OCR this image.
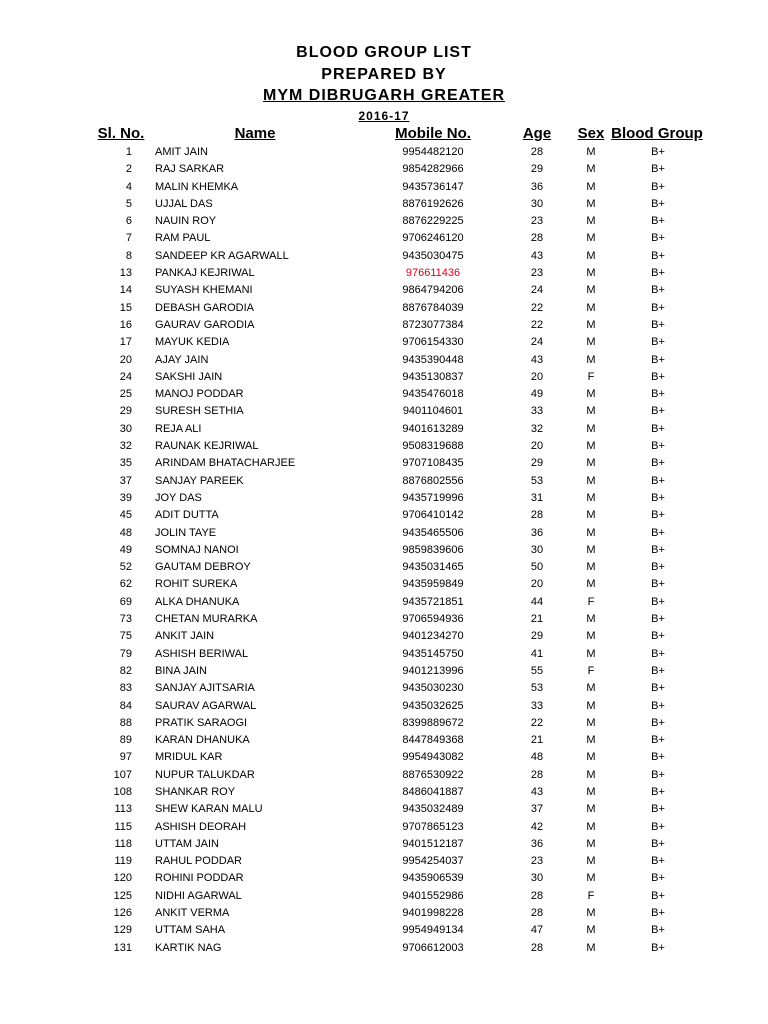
BLOOD GROUP LIST
PREPARED BY
MYM DIBRUGARH GREATER
2016-17
Sl. No.	Name	Mobile No.	Age	Sex Blood Group
1 AMIT JAIN	9954482120	28	M	B+
2 RAJ SARKAR	9854282966	29	M	B+
4 MALIN KHEMKA	9435736147	36	M	B+
5 UJJAL DAS	8876192626	30	M	B+
6 NAUIN ROY	8876229225	23	M	B+
7 RAM PAUL	9706246120	28	M	B+
8 SANDEEP KR AGARWALL	9435030475	43	M	B+
13 PANKAJ KEJRIWAL	976611436	23	M	B+
14 SUYASH KHEMANI	9864794206	24	M	B+
15 DEBASH GARODIA	8876784039	22	M	B+
16 GAURAV GARODIA	8723077384	22	M	B+
17 MAYUK KEDIA	9706154330	24	M	B+
20 AJAY JAIN	9435390448	43	M	B+
24 SAKSHI JAIN	9435130837	20	F	B+
25 MANOJ PODDAR	9435476018	49	M	B+
29 SURESH SETHIA	9401104601	33	M	B+
30 REJA ALI	9401613289	32	M	B+
32 RAUNAK KEJRIWAL	9508319688	20	M	B+
35 ARINDAM BHATACHARJEE	9707108435	29	M	B+
37 SANJAY PAREEK	8876802556	53	M	B+
39 JOY DAS	9435719996	31	M	B+
45 ADIT DUTTA	9706410142	28	M	B+
48 JOLIN TAYE	9435465506	36	M	B+
49 SOMNAJ NANOI	9859839606	30	M	B+
52 GAUTAM DEBROY	9435031465	50	M	B+
62 ROHIT SUREKA	9435959849	20	M	B+
69 ALKA DHANUKA	9435721851	44	F	B+
73 CHETAN MURARKA	9706594936	21	M	B+
75 ANKIT JAIN	9401234270	29	M	B+
79 ASHISH BERIWAL	9435145750	41	M	B+
82 BINA JAIN	9401213996	55	F	B+
83 SANJAY AJITSARIA	9435030230	53	M	B+
84 SAURAV AGARWAL	9435032625	33	M	B+
88 PRATIK SARAOGI	8399889672	22	M	B+
89 KARAN DHANUKA	8447849368	21	M	B+
97 MRIDUL KAR	9954943082	48	M	B+
107 NUPUR TALUKDAR	8876530922	28	M	B+
108 SHANKAR ROY	8486041887	43	M	B+
113 SHEW KARAN MALU	9435032489	37	M	B+
115 ASHISH DEORAH	9707865123	42	M	B+
118 UTTAM JAIN	9401512187	36	M	B+
119 RAHUL PODDAR	9954254037	23	M	B+
120 ROHINI PODDAR	9435906539	30	M	B+
125 NIDHI AGARWAL	9401552986	28	F	B+
126 ANKIT VERMA	9401998228	28	M	B+
129 UTTAM SAHA	9954949134	47	M	B+
131 KARTIK NAG	9706612003	28	M	B+
